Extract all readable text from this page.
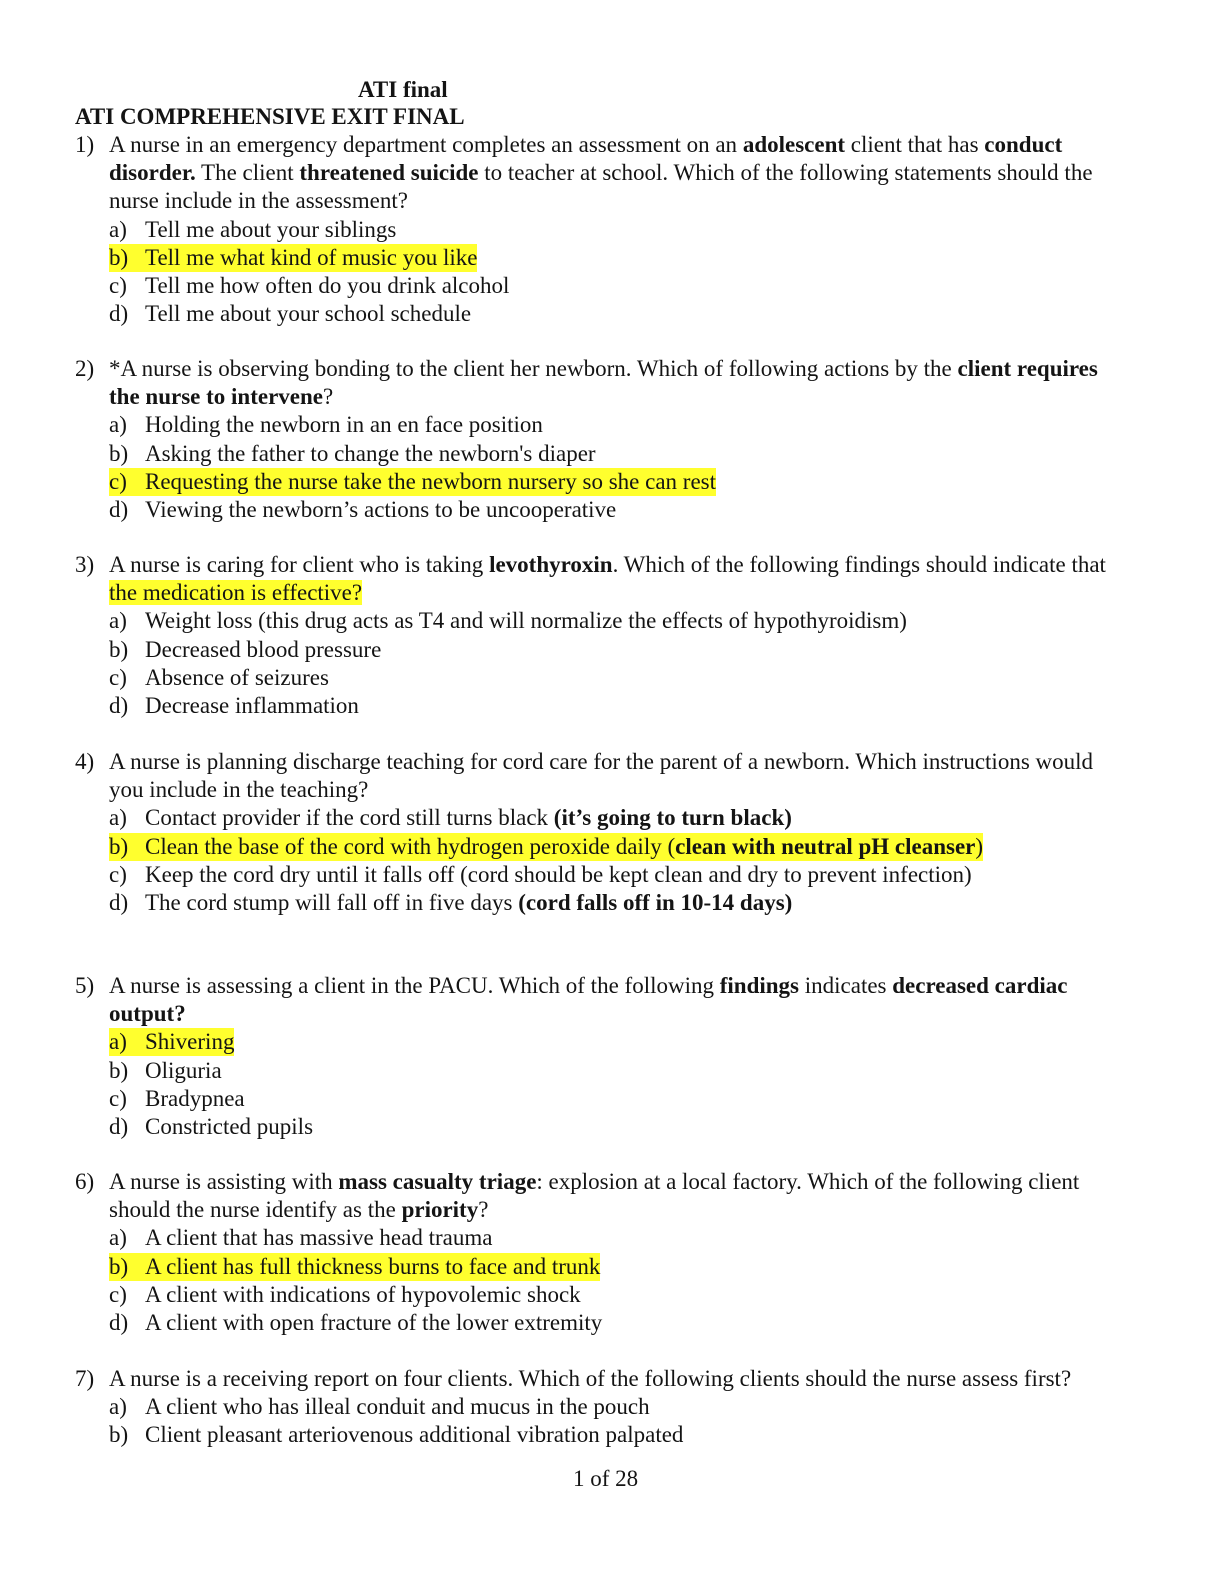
ATI final
ATI COMPREHENSIVE EXIT FINAL
1) A nurse in an emergency department completes an assessment on an adolescent client that has conduct
disorder. The client threatened suicide to teacher at school. Which of the following statements should the
nurse include in the assessment?
a) Tell me about your siblings
b) Tell me what kind of music you like
c) Tell me how often do you drink alcohol
d) Tell me about your school schedule
2) *A nurse is observing bonding to the client her newborn. Which of following actions by the client requires
the nurse to intervene?
a) Holding the newborn in an en face position
b) Asking the father to change the newborn's diaper
c) Requesting the nurse take the newborn nursery so she can rest
d) Viewing the newborn’s actions to be uncooperative
3) A nurse is caring for client who is taking levothyroxin. Which of the following findings should indicate that
the medication is effective?
a) Weight loss (this drug acts as T4 and will normalize the effects of hypothyroidism)
b) Decreased blood pressure
c) Absence of seizures
d) Decrease inflammation
4) A nurse is planning discharge teaching for cord care for the parent of a newborn. Which instructions would
you include in the teaching?
a) Contact provider if the cord still turns black (it’s going to turn black)
b) Clean the base of the cord with hydrogen peroxide daily (clean with neutral pH cleanser)
c) Keep the cord dry until it falls off (cord should be kept clean and dry to prevent infection)
d) The cord stump will fall off in five days (cord falls off in 10-14 days)
5) A nurse is assessing a client in the PACU. Which of the following findings indicates decreased cardiac
output?
a) Shivering
b) Oliguria
c) Bradypnea
d) Constricted pupils
6) A nurse is assisting with mass casualty triage: explosion at a local factory. Which of the following client
should the nurse identify as the priority?
a) A client that has massive head trauma
b) A client has full thickness burns to face and trunk
c) A client with indications of hypovolemic shock
d) A client with open fracture of the lower extremity
7) A nurse is a receiving report on four clients. Which of the following clients should the nurse assess first?
a) A client who has illeal conduit and mucus in the pouch
b) Client pleasant arteriovenous additional vibration palpated
1 of 28
